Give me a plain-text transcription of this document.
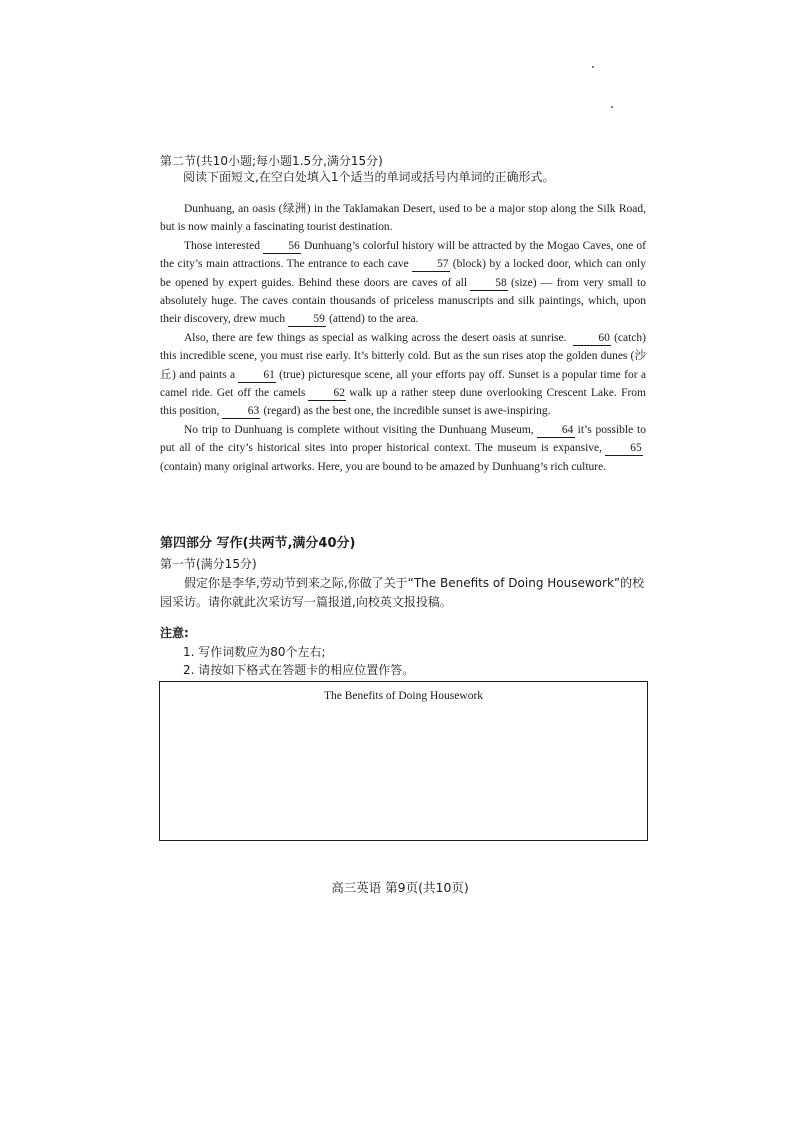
第二节(共10小题;每小题1.5分,满分15分)
阅读下面短文,在空白处填入1个适当的单词或括号内单词的正确形式。

Dunhuang, an oasis (绿洲) in the Taklamakan Desert, used to be a major stop along the Silk Road, but is now mainly a fascinating tourist destination.

Those interested 56 Dunhuang’s colorful history will be attracted by the Mogao Caves, one of the city’s main attractions. The entrance to each cave 57 (block) by a locked door, which can only be opened by expert guides. Behind these doors are caves of all 58 (size) — from very small to absolutely huge. The caves contain thousands of priceless manuscripts and silk paintings, which, upon their discovery, drew much 59 (attend) to the area.

Also, there are few things as special as walking across the desert oasis at sunrise.	60 (catch) this incredible scene, you must rise early. It’s bitterly cold. But as the sun rises atop the golden dunes (沙丘) and paints a 61 (true) picturesque scene, all your efforts pay off. Sunset is a popular time for a camel ride. Get off the camels 62 walk up a rather steep dune overlooking Crescent Lake. From this position, 63 (regard) as the best one, the incredible sunset is awe-inspiring.

No trip to Dunhuang is complete without visiting the Dunhuang Museum, 64 it’s possible to put all of the city’s historical sites into proper historical context. The museum is expansive, 65(contain) many original artworks. Here, you are bound to be amazed by Dunhuang’s rich culture.

第四部分 写作(共两节,满分40分)
第一节(满分15分)

假定你是李华,劳动节到来之际,你做了关于“The Benefits of Doing Housework”的校园采访。请你就此次采访写一篇报道,向校英文报投稿。

注意:
1. 写作词数应为80个左右;
2. 请按如下格式在答题卡的相应位置作答。
The Benefits of Doing Housework
高三英语 第9页(共10页)
